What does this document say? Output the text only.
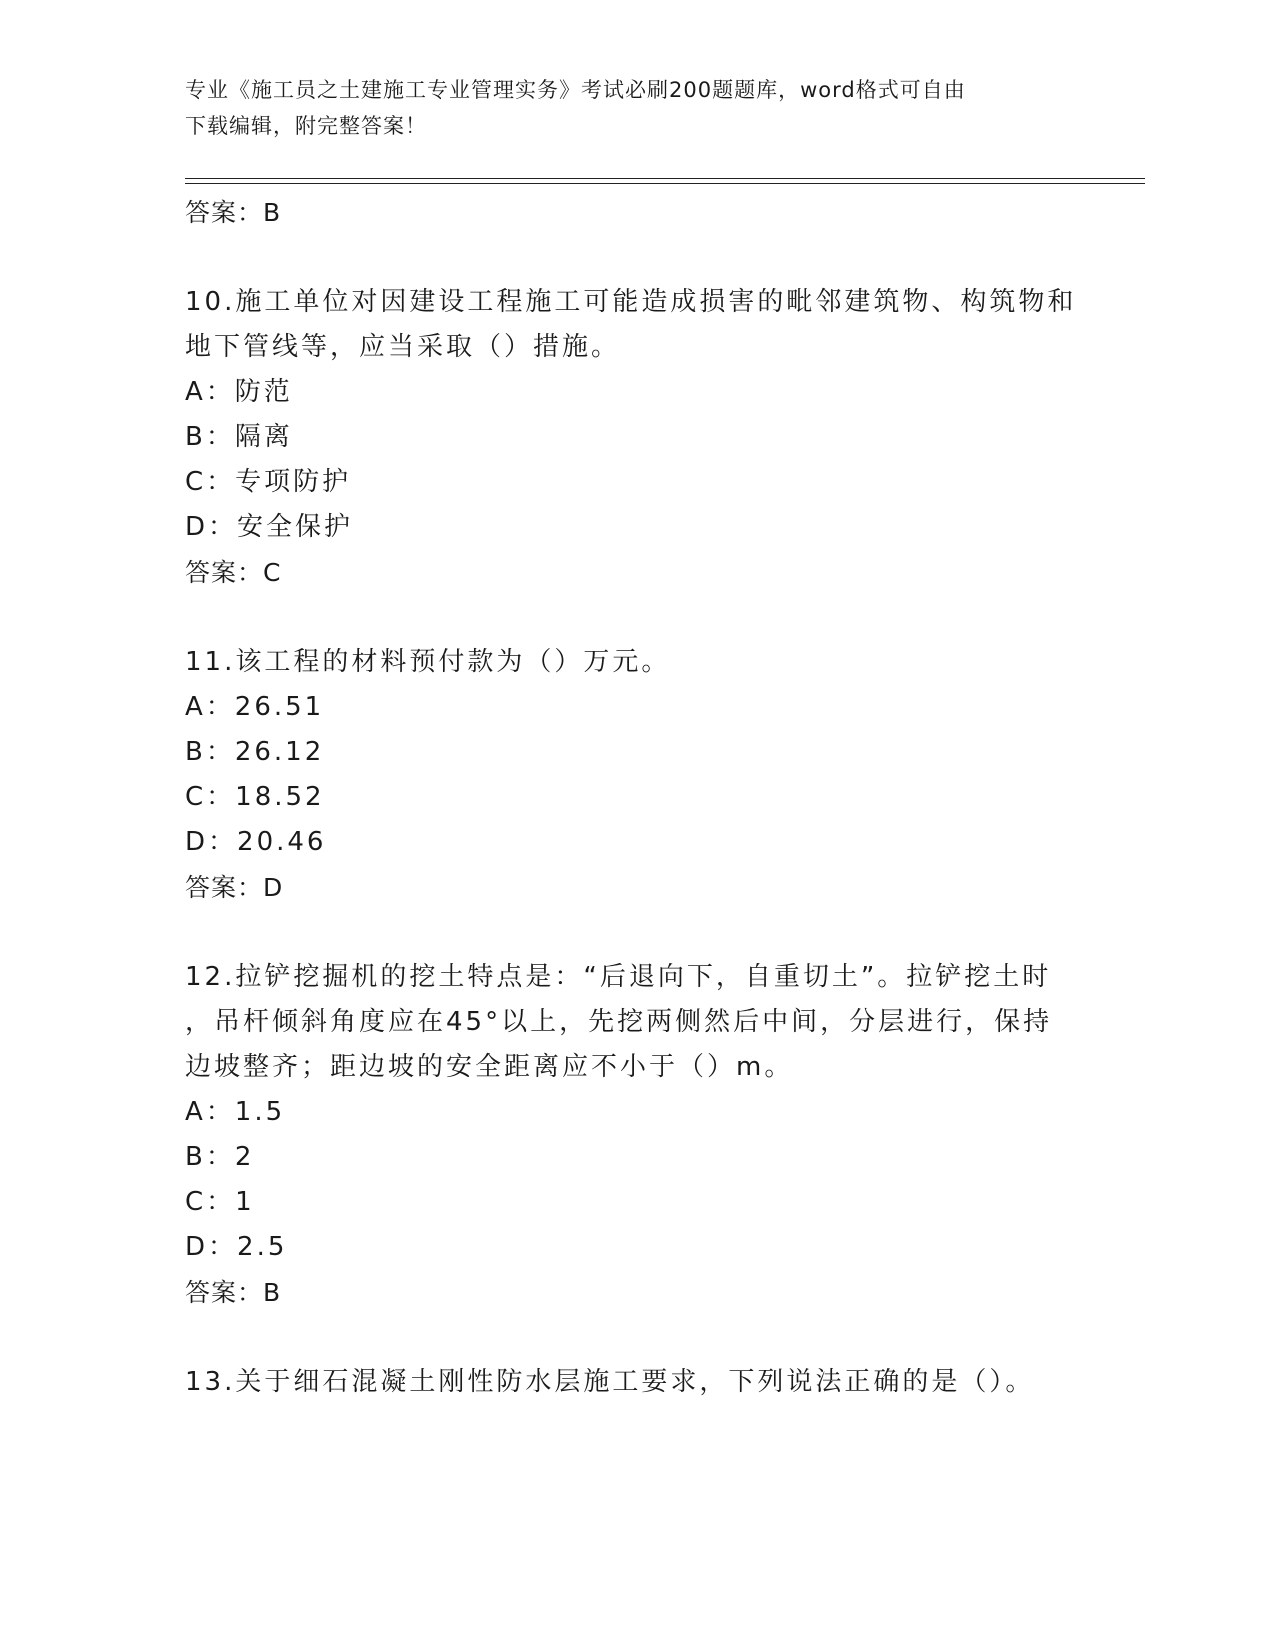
专业《施工员之土建施工专业管理实务》考试必刷200题题库，word格式可自由
下载编辑，附完整答案！
答案：B
10.施工单位对因建设工程施工可能造成损害的毗邻建筑物、构筑物和
地下管线等，应当采取（）措施。
A：防范
B：隔离
C：专项防护
D：安全保护
答案：C
11.该工程的材料预付款为（）万元。
A：26.51
B：26.12
C：18.52
D：20.46
答案：D
12.拉铲挖掘机的挖土特点是：“后退向下，自重切土”。拉铲挖土时
，吊杆倾斜角度应在45°以上，先挖两侧然后中间，分层进行，保持
边坡整齐；距边坡的安全距离应不小于（）m。
A：1.5
B：2
C：1
D：2.5
答案：B
13.关于细石混凝土刚性防水层施工要求，下列说法正确的是（）。
